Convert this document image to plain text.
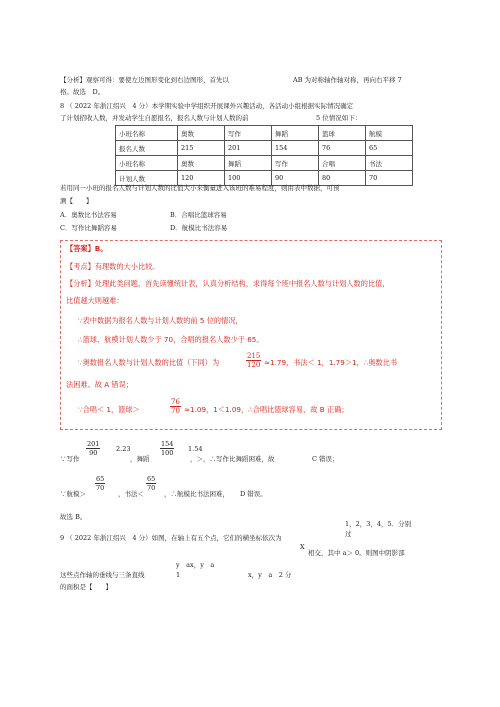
【分析】观察可得：要使左边图形变化到右边图形，首先以	AB 为对称轴作轴对称，再向右平移 7
格。故选　D。
8 （ 2022 年浙江绍兴　4 分）本学期实验中学组织开展课外兴趣活动，各活动小组根据实际情况确定
了计划招收人数，并发动学生自愿报名，报名人数与计划人数的前	5 位情况如下：
小班名称	奥数	写作	舞蹈	篮球	航模
报名人数	215	201	154	76	65
小班名称	奥数	舞蹈	写作	合唱	书法
计划人数	120	100	90	80	70
若用同一小班的报名人数与计划人数的比值大小来衡量进入该班的难易程度，则由表中数据，可预
测【　　】
A．奥数比书法容易	B．合唱比篮球容易
C．写作比舞蹈容易	D．航模比书法容易
【答案】B。
【考点】有理数的大小比较。
【分析】处理此类问题，首先读懂统计表，认真分析结构，求得每个班中报名人数与计划人数的比值，
比值越大则越难：
∵表中数据为报名人数与计划人数的前 5 位的情况，
∴篮球、航模计划人数少于 70，合唱的报名人数少于 65。
∵奥数报名人数与计划人数的比值（下同）为	$\frac{215}{120} \approx 1.79$，书法＜ 1，1.79＞1，∴奥数比书
法困难。故 A 错误；
∵合唱＜ 1，篮球＞	$\frac{76}{70} \approx 1.09$，1＜1.09，∴合唱比篮球容易，故 B 正确；
$\frac{201}{90} 2.23$	$\frac{154}{100} 1.54$
∵写作	，舞蹈	，＞，∴写作比舞蹈困难，故	C 错误；
$\frac{65}{70}$	$\frac{65}{70}$
∵航模＞	，书法＜	，∴航模比书法困难， D 错误。
故选 B。
1，2，3，4，5．分别
过
9 （ 2022 年浙江绍兴　4 分）如图，在轴上有五个点，它们的横坐标依次为
X
相交，其中 a＞ 0。则图中阴影部
y　ax，y　a
这些点作轴的垂线与三条直线	1	x，y　a　2 分
的面积是【　　】
